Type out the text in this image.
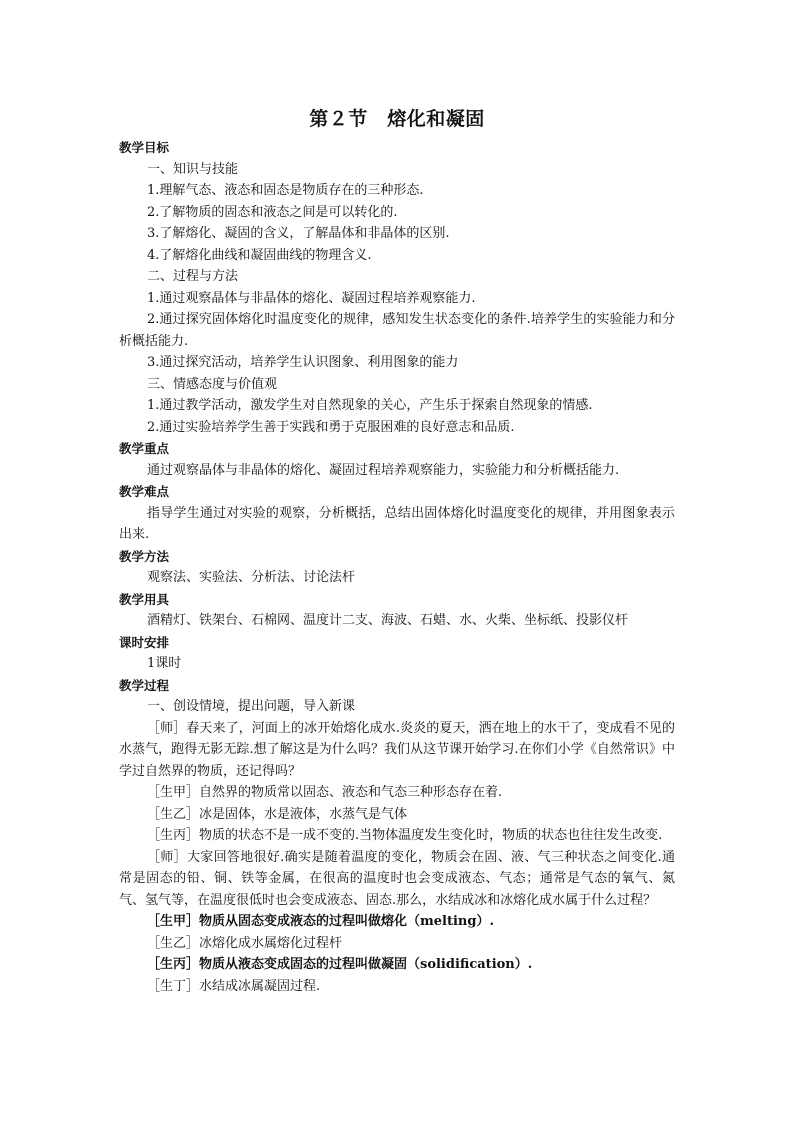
第２节　熔化和凝固
教学目标
一、知识与技能
1.理解气态、液态和固态是物质存在的三种形态.
2.了解物质的固态和液态之间是可以转化的.
3.了解熔化、凝固的含义，了解晶体和非晶体的区别.
4.了解熔化曲线和凝固曲线的物理含义.
二、过程与方法
1.通过观察晶体与非晶体的熔化、凝固过程培养观察能力.
2.通过探究固体熔化时温度变化的规律，感知发生状态变化的条件.培养学生的实验能力和分析概括能力.
3.通过探究活动，培养学生认识图象、利用图象的能力
三、情感态度与价值观
1.通过教学活动，激发学生对自然现象的关心，产生乐于探索自然现象的情感.
2.通过实验培养学生善于实践和勇于克服困难的良好意志和品质.
教学重点
通过观察晶体与非晶体的熔化、凝固过程培养观察能力，实验能力和分析概括能力.
教学难点
指导学生通过对实验的观察，分析概括，总结出固体熔化时温度变化的规律，并用图象表示出来.
教学方法
观察法、实验法、分析法、讨论法杆
教学用具
酒精灯、铁架台、石棉网、温度计二支、海波、石蜡、水、火柴、坐标纸、投影仪杆
课时安排
1课时
教学过程
一、创设情境，提出问题，导入新课
［师］春天来了，河面上的冰开始熔化成水.炎炎的夏天，洒在地上的水干了，变成看不见的水蒸气，跑得无影无踪.想了解这是为什么吗？我们从这节课开始学习.在你们小学《自然常识》中学过自然界的物质，还记得吗？
［生甲］自然界的物质常以固态、液态和气态三种形态存在着.
［生乙］冰是固体，水是液体，水蒸气是气体
［生丙］物质的状态不是一成不变的.当物体温度发生变化时，物质的状态也往往发生改变.
［师］大家回答地很好.确实是随着温度的变化，物质会在固、液、气三种状态之间变化.通常是固态的铅、铜、铁等金属，在很高的温度时也会变成液态、气态；通常是气态的氧气、氮气、氢气等，在温度很低时也会变成液态、固态.那么，水结成冰和冰熔化成水属于什么过程？
［生甲］物质从固态变成液态的过程叫做熔化（melting）.
［生乙］冰熔化成水属熔化过程杆
［生丙］物质从液态变成固态的过程叫做凝固（solidification）.
［生丁］水结成冰属凝固过程.
